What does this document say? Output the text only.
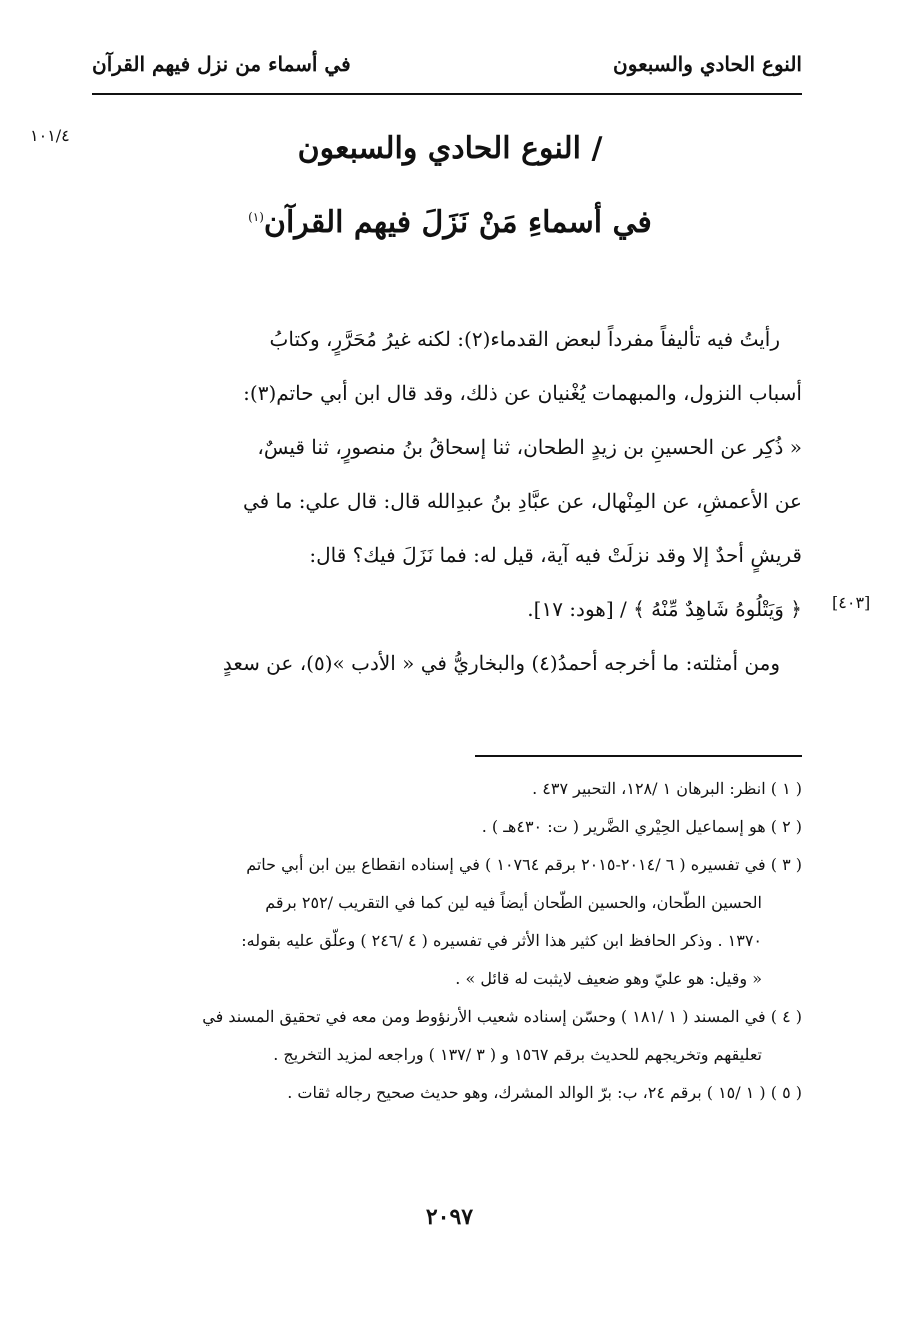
النوع الحادي والسبعون
في أسماء من نزل فيهم القرآن
١٠١/٤	/ النوع الحادي والسبعون
في أسماءِ مَنْ نَزَلَ فيهم القرآن$^{(١)}$

رأيتُ فيه تأليفاً مفرداً لبعض القدماء(٢): لكنه غيرُ مُحَرَّرٍ، وكتابُ

أسباب النزول، والمبهمات يُغْنيان عن ذلك، وقد قال ابن أبي حاتم(٣):

« ذُكِر عن الحسينِ بن زيدٍ الطحان، ثنا إسحاقُ بنُ منصورٍ، ثنا قيسٌ،

عن الأعمشِ، عن المِنْهال، عن عبَّادِ بنُ عبدِالله قال: قال علي: ما في

قريشٍ أحدٌ إلا وقد نزلَتْ فيه آية، قيل له: فما نَزَلَ فيك؟ قال:

﴿ وَيَتْلُوهُ شَاهِدٌ مِّنْهُ ﴾ / [هود: ١٧].

ومن أمثلته: ما أخرجه أحمدُ(٤) والبخاريُّ في « الأدب »(٥)، عن سعدٍ

[٤٠٣]

( ١ ) انظر: البرهان ١ /١٢٨، التحبير ٤٣٧ .

( ٢ ) هو إسماعيل الحِيْري الضَّرير ( ت: ٤٣٠هـ ) .

( ٣ ) في تفسيره ( ٦ /٢٠١٤-٢٠١٥ برقم ١٠٧٦٤ ) في إسناده انقطاع بين ابن أبي حاتم

الحسين الطّحان، والحسين الطّحان أيضاً فيه لين كما في التقريب /٢٥٢ برقم

١٣٧٠ . وذكر الحافظ ابن كثير هذا الأثر في تفسيره ( ٤ /٢٤٦ ) وعلّق عليه بقوله:

« وقيل: هو عليّ وهو ضعيف لايثبت له قائل » .

( ٤ ) في المسند ( ١ /١٨١ ) وحسّن إسناده شعيب الأرنؤوط ومن معه في تحقيق المسند في

تعليقهم وتخريجهم للحديث برقم ١٥٦٧ و ( ٣ /١٣٧ ) وراجعه لمزيد التخريج .

( ٥ ) ( ١ /١٥ ) برقم ٢٤، ب: برّ الوالد المشرك، وهو حديث صحيح رجاله ثقات .

٢٠٩٧
